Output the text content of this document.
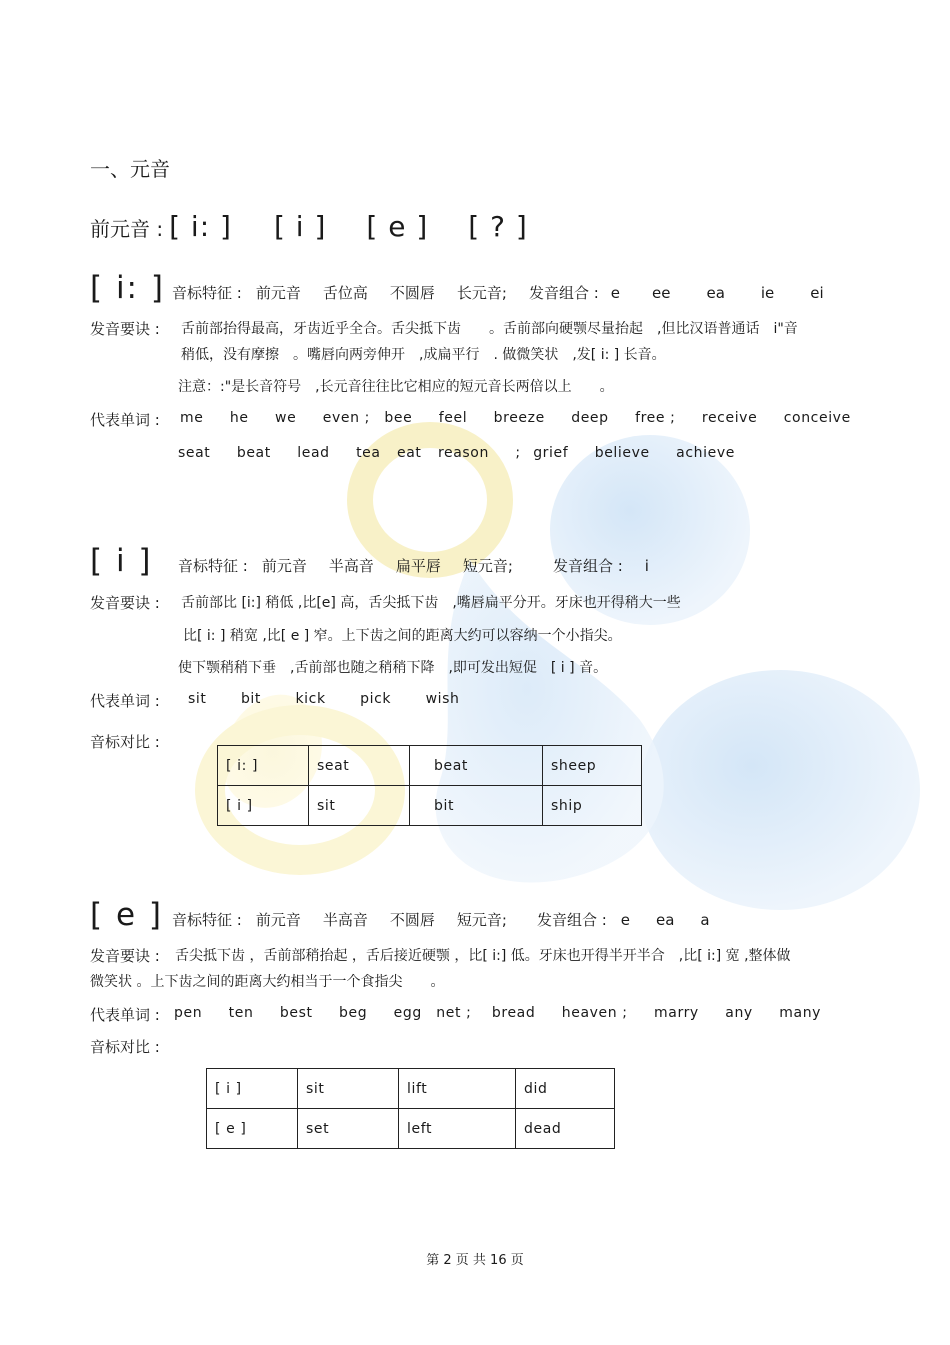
一、元音
前元音 : [ i: ] [ i ] [ e ] [ ? ]
[ i: ] 音标特征 : 前元音 舌位高 不圆唇 长元音; 发音组合 : e ee ea ie ei
发音要诀 : 舌前部抬得最高，牙齿近乎全合。舌尖抵下齿　　。舌前部向硬颚尽量抬起　,但比汉语普通话　i"音
稍低，没有摩擦　。嘴唇向两旁伸开　,成扁平行　. 做微笑状　,发[ i: ] 长音。
注意：:"是长音符号　,长元音往往比它相应的短元音长两倍以上　　。
代表单词 : me he we even ; bee feel breeze deep free ; receive conceive
seat beat lead tea eat reason ; grief believe achieve
[ i ]	音标特征 : 前元音 半高音 扁平唇 短元音;	发音组合 : i
发音要诀 : 舌前部比 [i:] 稍低 ,比[e] 高，舌尖抵下齿　,嘴唇扁平分开。牙床也开得稍大一些
比[ i: ] 稍宽 ,比[ e ] 窄。上下齿之间的距离大约可以容纳一个小指尖。
使下颚稍稍下垂　,舌前部也随之稍稍下降　,即可发出短促　[ i ] 音。
代表单词 : sit bit kick pick wish
音标对比 :
[ i: ]	seat	beat	sheep
[ i ]	sit	bit	ship
[ e ] 音标特征 : 前元音 半高音 不圆唇 短元音; 发音组合 : e ea a
发音要诀 : 舌尖抵下齿 ，舌前部稍抬起 ，舌后接近硬颚 ，比[ i:] 低。牙床也开得半开半合　,比[ i:] 宽 ,整体做
微笑状 。上下齿之间的距离大约相当于一个食指尖　　。
代表单词 : pen ten best beg egg net ; bread heaven ; marry any many
音标对比 :
[ i ]	sit	lift	did
[ e ]	set	left	dead
第 2 页 共 16 页
